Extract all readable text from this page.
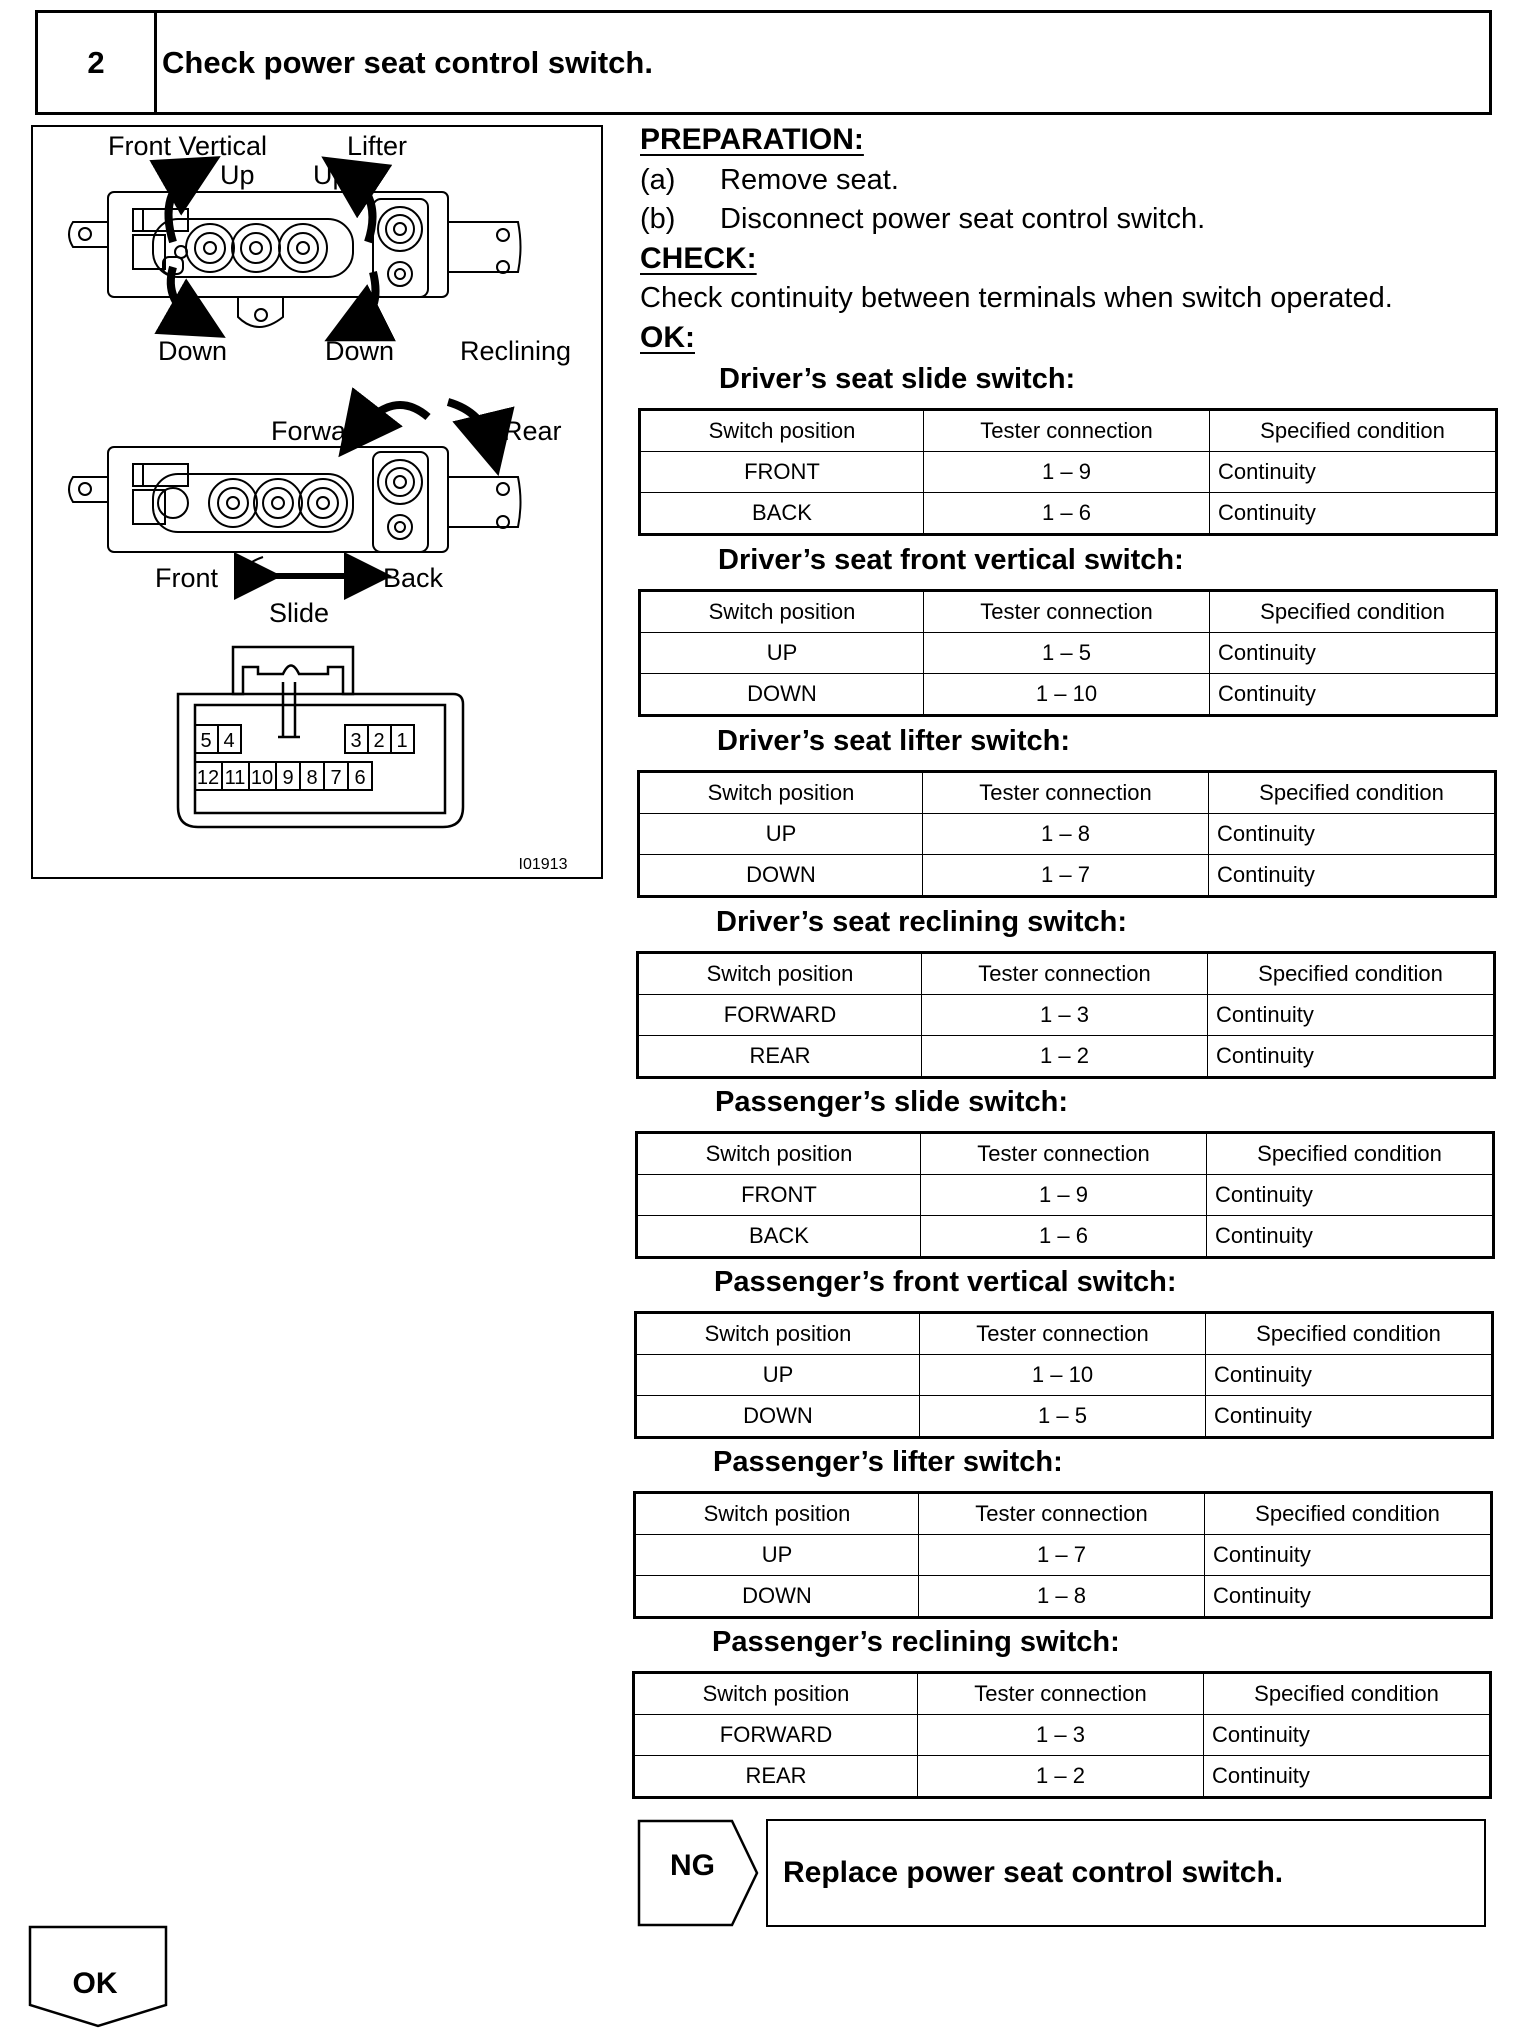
2	Check power seat control switch.
Front Vertical	Lifter
Up Up
Down	Down Reclining
Forward	Rear
Front	Back
Slide
5 4	3 2 1
12 11 10 9 8 7 6
I01913
PREPARATION:
(a) Remove seat.
(b) Disconnect power seat control switch.
CHECK:
Check continuity between terminals when switch operated.
OK:
Driver’s seat slide switch:
Switch position	Tester connection	Specified condition
FRONT	1 – 9	Continuity
BACK	1 – 6	Continuity
Driver’s seat front vertical switch:
Switch position	Tester connection	Specified condition
UP	1 – 5	Continuity
DOWN	1 – 10	Continuity
Driver’s seat lifter switch:
Switch position	Tester connection	Specified condition
UP	1 – 8	Continuity
DOWN	1 – 7	Continuity
Driver’s seat reclining switch:
Switch position	Tester connection	Specified condition
FORWARD	1 – 3	Continuity
REAR	1 – 2	Continuity
Passenger’s slide switch:
Switch position	Tester connection	Specified condition
FRONT	1 – 9	Continuity
BACK	1 – 6	Continuity
Passenger’s front vertical switch:
Switch position	Tester connection	Specified condition
UP	1 – 10	Continuity
DOWN	1 – 5	Continuity
Passenger’s lifter switch:
Switch position	Tester connection	Specified condition
UP	1 – 7	Continuity
DOWN	1 – 8	Continuity
Passenger’s reclining switch:
Switch position	Tester connection	Specified condition
FORWARD	1 – 3	Continuity
REAR	1 – 2	Continuity
NG	Replace power seat control switch.
OK
